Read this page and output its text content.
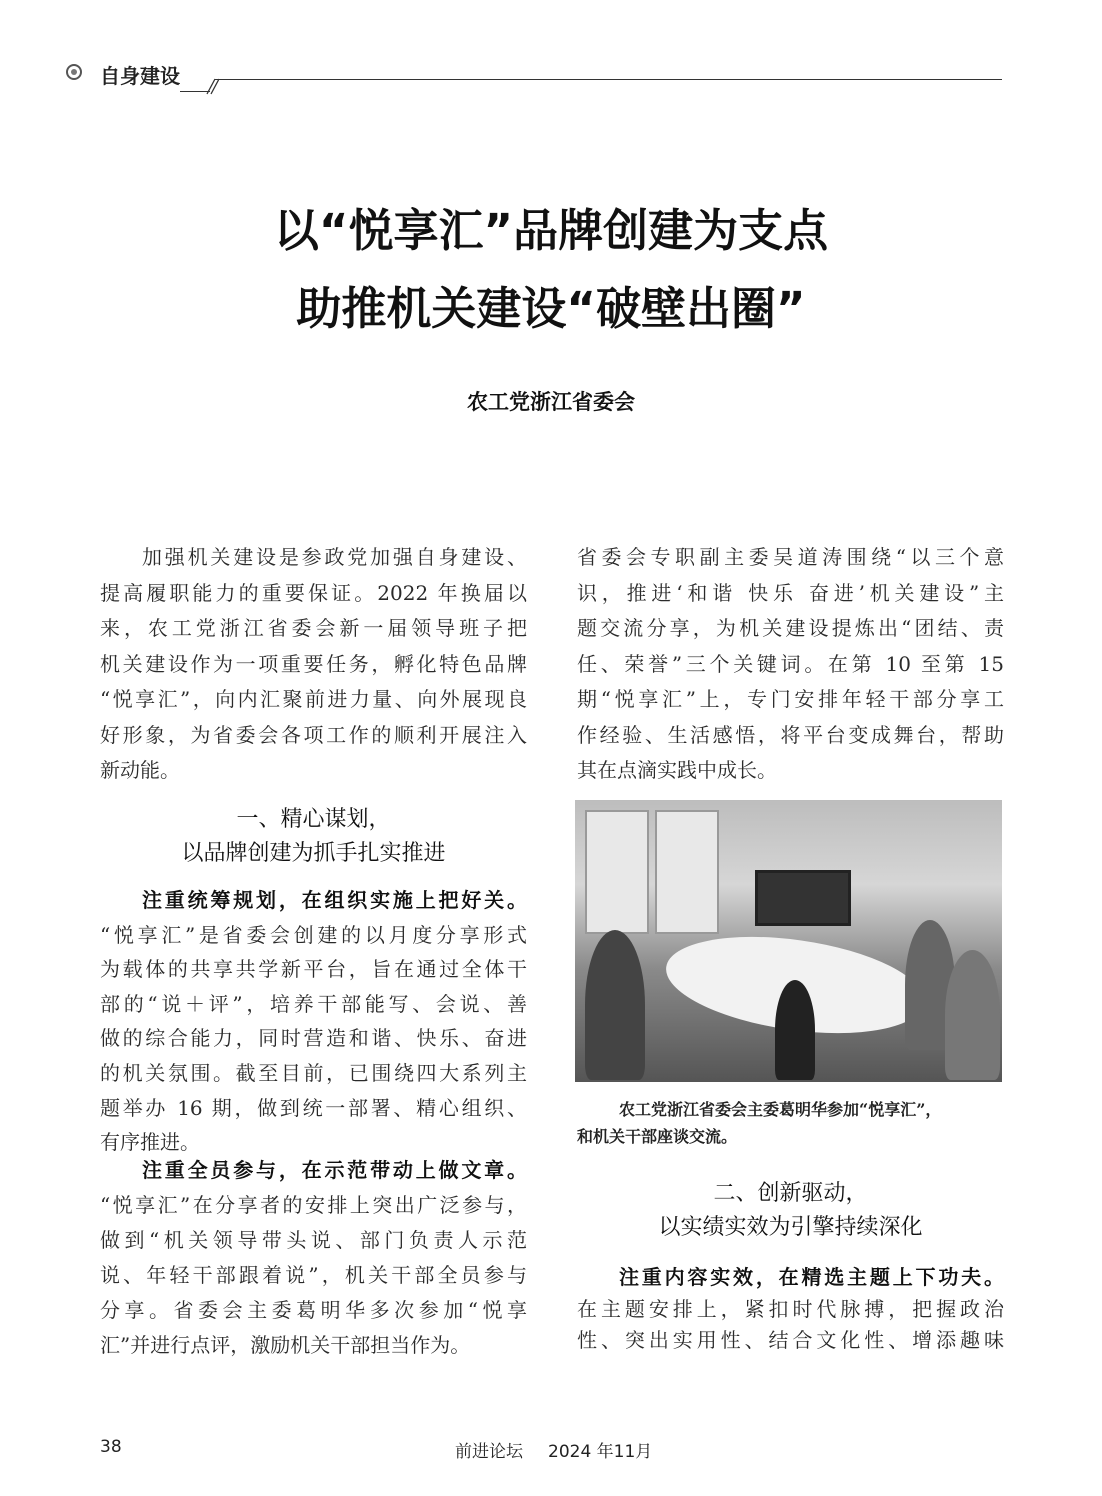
自身建设
以“悦享汇”品牌创建为支点
助推机关建设“破壁出圈”
农工党浙江省委会
加强机关建设是参政党加强自身建设、
提高履职能力的重要保证。2022 年换届以
来，农工党浙江省委会新一届领导班子把
机关建设作为一项重要任务，孵化特色品牌
“悦享汇”，向内汇聚前进力量、向外展现良
好形象，为省委会各项工作的顺利开展注入
新动能。
一、精心谋划，
以品牌创建为抓手扎实推进
注重统筹规划，在组织实施上把好关。
“悦享汇”是省委会创建的以月度分享形式
为载体的共享共学新平台，旨在通过全体干
部的“说＋评”，培养干部能写、会说、善
做的综合能力，同时营造和谐、快乐、奋进
的机关氛围。截至目前，已围绕四大系列主
题举办 16 期，做到统一部署、精心组织、
有序推进。
注重全员参与，在示范带动上做文章。
“悦享汇”在分享者的安排上突出广泛参与，
做到“机关领导带头说、部门负责人示范
说、年轻干部跟着说”，机关干部全员参与
分享。省委会主委葛明华多次参加“悦享
汇”并进行点评，激励机关干部担当作为。
省委会专职副主委吴道涛围绕“以三个意
识，推进‘和谐 快乐 奋进’机关建设”主
题交流分享，为机关建设提炼出“团结、责
任、荣誉”三个关键词。在第 10 至第 15
期“悦享汇”上，专门安排年轻干部分享工
作经验、生活感悟，将平台变成舞台，帮助
其在点滴实践中成长。
农工党浙江省委会主委葛明华参加“悦享汇”，
和机关干部座谈交流。
二、创新驱动，
以实绩实效为引擎持续深化
注重内容实效，在精选主题上下功夫。
在主题安排上，紧扣时代脉搏，把握政治
性、突出实用性、结合文化性、增添趣味
38	前进论坛 2024 年11月
